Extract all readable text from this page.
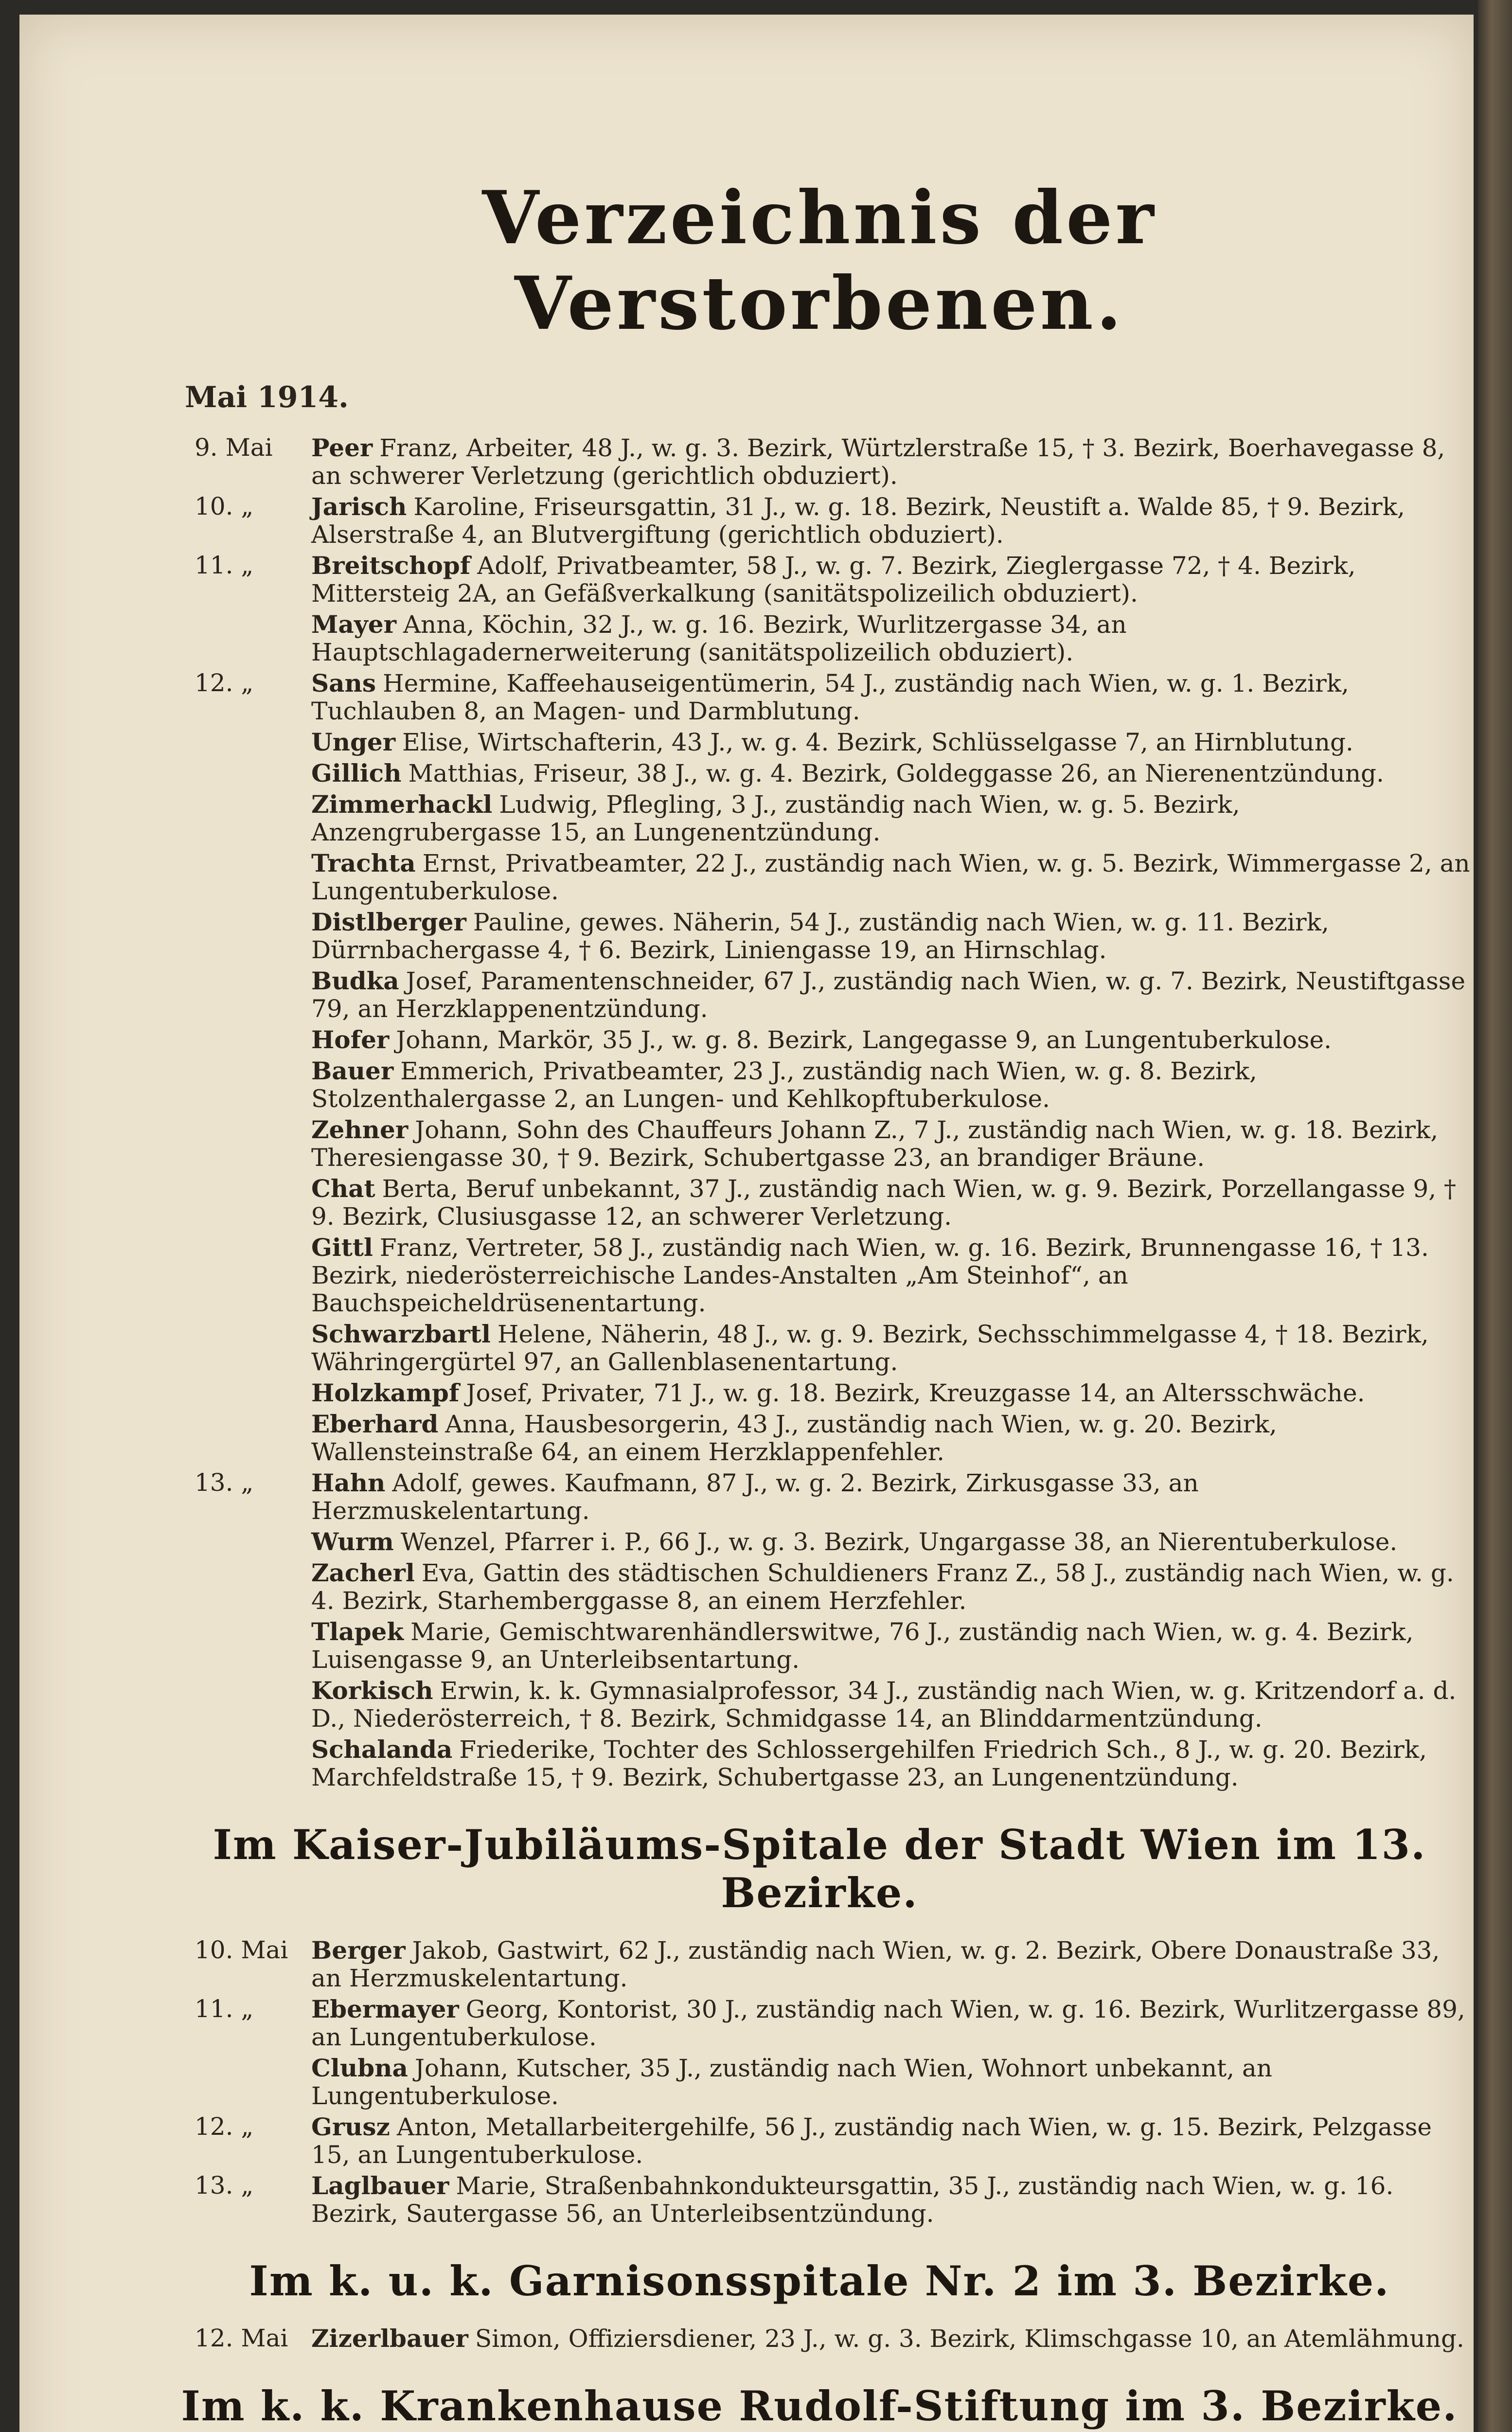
Verzeichnis der Verstorbenen.
Mai 1914.
9. Mai	Peer Franz, Arbeiter, 48 J., w. g. 3. Bezirk, Würtzlerstraße 15, † 3. Bezirk, Boerhavegasse 8, an schwerer Verletzung (gerichtlich obduziert).
10. „	Jarisch Karoline, Friseursgattin, 31 J., w. g. 18. Bezirk, Neustift a. Walde 85, † 9. Bezirk, Alserstraße 4, an Blutvergiftung (gerichtlich obduziert).
11. „	Breitschopf Adolf, Privatbeamter, 58 J., w. g. 7. Bezirk, Zieglergasse 72, † 4. Bezirk, Mittersteig 2A, an Gefäßverkalkung (sanitätspolizeilich obduziert).
Mayer Anna, Köchin, 32 J., w. g. 16. Bezirk, Wurlitzergasse 34, an Hauptschlagadernerweiterung (sanitätspolizeilich obduziert).
12. „	Sans Hermine, Kaffeehauseigentümerin, 54 J., zuständig nach Wien, w. g. 1. Bezirk, Tuchlauben 8, an Magen- und Darmblutung.
Unger Elise, Wirtschafterin, 43 J., w. g. 4. Bezirk, Schlüsselgasse 7, an Hirnblutung.
Gillich Matthias, Friseur, 38 J., w. g. 4. Bezirk, Goldeggasse 26, an Nierenentzündung.
Zimmerhackl Ludwig, Pflegling, 3 J., zuständig nach Wien, w. g. 5. Bezirk, Anzengrubergasse 15, an Lungenentzündung.
Trachta Ernst, Privatbeamter, 22 J., zuständig nach Wien, w. g. 5. Bezirk, Wimmergasse 2, an Lungentuberkulose.
Distlberger Pauline, gewes. Näherin, 54 J., zuständig nach Wien, w. g. 11. Bezirk, Dürrnbachergasse 4, † 6. Bezirk, Liniengasse 19, an Hirnschlag.
Budka Josef, Paramentenschneider, 67 J., zuständig nach Wien, w. g. 7. Bezirk, Neustiftgasse 79, an Herzklappenentzündung.
Hofer Johann, Markör, 35 J., w. g. 8. Bezirk, Langegasse 9, an Lungentuberkulose.
Bauer Emmerich, Privatbeamter, 23 J., zuständig nach Wien, w. g. 8. Bezirk, Stolzenthalergasse 2, an Lungen- und Kehlkopftuberkulose.
Zehner Johann, Sohn des Chauffeurs Johann Z., 7 J., zuständig nach Wien, w. g. 18. Bezirk, Theresiengasse 30, † 9. Bezirk, Schubertgasse 23, an brandiger Bräune.
Chat Berta, Beruf unbekannt, 37 J., zuständig nach Wien, w. g. 9. Bezirk, Porzellangasse 9, † 9. Bezirk, Clusiusgasse 12, an schwerer Verletzung.
Gittl Franz, Vertreter, 58 J., zuständig nach Wien, w. g. 16. Bezirk, Brunnengasse 16, † 13. Bezirk, niederösterreichische Landes-Anstalten „Am Steinhof“, an Bauchspeicheldrüsenentartung.
Schwarzbartl Helene, Näherin, 48 J., w. g. 9. Bezirk, Sechsschimmelgasse 4, † 18. Bezirk, Währingergürtel 97, an Gallenblasenentartung.
Holzkampf Josef, Privater, 71 J., w. g. 18. Bezirk, Kreuzgasse 14, an Altersschwäche.
Eberhard Anna, Hausbesorgerin, 43 J., zuständig nach Wien, w. g. 20. Bezirk, Wallensteinstraße 64, an einem Herzklappenfehler.
13. „	Hahn Adolf, gewes. Kaufmann, 87 J., w. g. 2. Bezirk, Zirkusgasse 33, an Herzmuskelentartung.
Wurm Wenzel, Pfarrer i. P., 66 J., w. g. 3. Bezirk, Ungargasse 38, an Nierentuberkulose.
Zacherl Eva, Gattin des städtischen Schuldieners Franz Z., 58 J., zuständig nach Wien, w. g. 4. Bezirk, Starhemberggasse 8, an einem Herzfehler.
Tlapek Marie, Gemischtwarenhändlerswitwe, 76 J., zuständig nach Wien, w. g. 4. Bezirk, Luisengasse 9, an Unterleibsentartung.
Korkisch Erwin, k. k. Gymnasialprofessor, 34 J., zuständig nach Wien, w. g. Kritzendorf a. d. D., Niederösterreich, † 8. Bezirk, Schmidgasse 14, an Blinddarmentzündung.
Schalanda Friederike, Tochter des Schlossergehilfen Friedrich Sch., 8 J., w. g. 20. Bezirk, Marchfeldstraße 15, † 9. Bezirk, Schubertgasse 23, an Lungenentzündung.
Im Kaiser-Jubiläums-Spitale der Stadt Wien im 13. Bezirke.
10. Mai Berger Jakob, Gastwirt, 62 J., zuständig nach Wien, w. g. 2. Bezirk, Obere Donaustraße 33, an Herzmuskelentartung.
11. „	Ebermayer Georg, Kontorist, 30 J., zuständig nach Wien, w. g. 16. Bezirk, Wurlitzergasse 89, an Lungentuberkulose.
Clubna Johann, Kutscher, 35 J., zuständig nach Wien, Wohnort unbekannt, an Lungentuberkulose.
12. „	Grusz Anton, Metallarbeitergehilfe, 56 J., zuständig nach Wien, w. g. 15. Bezirk, Pelzgasse 15, an Lungentuberkulose.
13. „	Laglbauer Marie, Straßenbahnkondukteursgattin, 35 J., zuständig nach Wien, w. g. 16. Bezirk, Sautergasse 56, an Unterleibsentzündung.
Im k. u. k. Garnisonsspitale Nr. 2 im 3. Bezirke.
12. Mai Zizerlbauer Simon, Offiziersdiener, 23 J., w. g. 3. Bezirk, Klimschgasse 10, an Atemlähmung.
Im k. k. Krankenhause Rudolf-Stiftung im 3. Bezirke.
